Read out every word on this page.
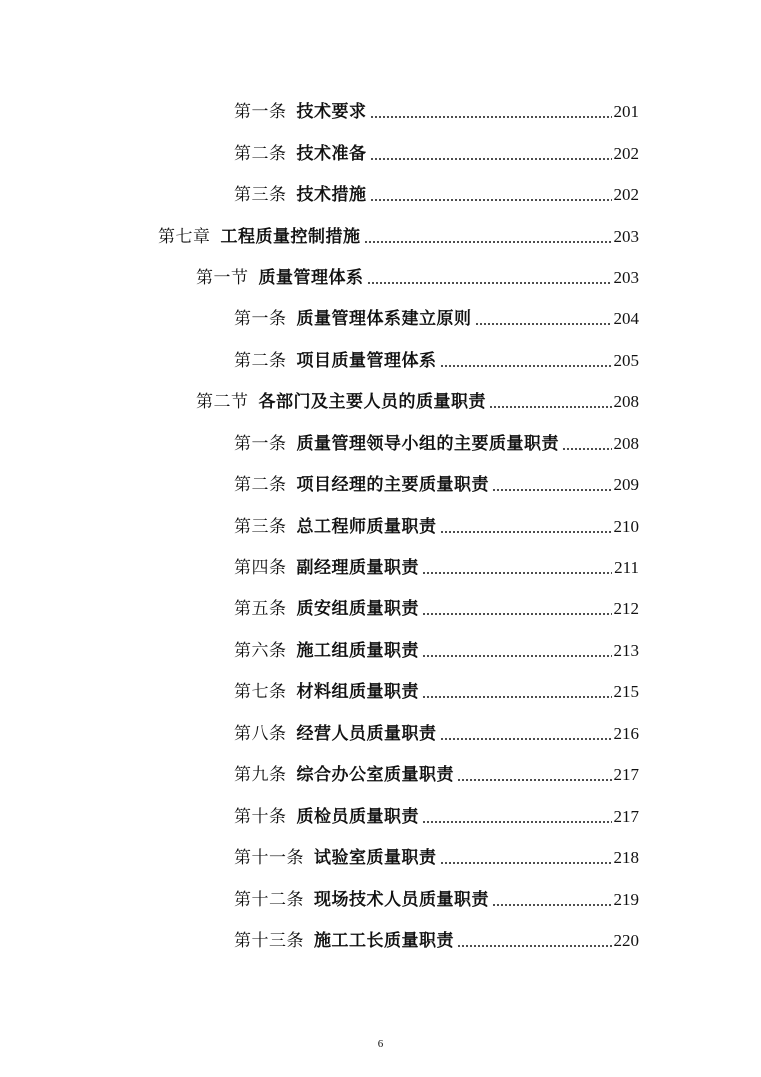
第一条 技术要求	201
第二条 技术准备	202
第三条 技术措施	202
第七章 工程质量控制措施	203
第一节 质量管理体系	203
第一条 质量管理体系建立原则	204
第二条 项目质量管理体系	205
第二节 各部门及主要人员的质量职责	208
第一条 质量管理领导小组的主要质量职责	208
第二条 项目经理的主要质量职责	209
第三条 总工程师质量职责	210
第四条 副经理质量职责	211
第五条 质安组质量职责	212
第六条 施工组质量职责	213
第七条 材料组质量职责	215
第八条 经营人员质量职责	216
第九条 综合办公室质量职责	217
第十条 质检员质量职责	217
第十一条 试验室质量职责	218
第十二条 现场技术人员质量职责	219
第十三条 施工工长质量职责	220
6
